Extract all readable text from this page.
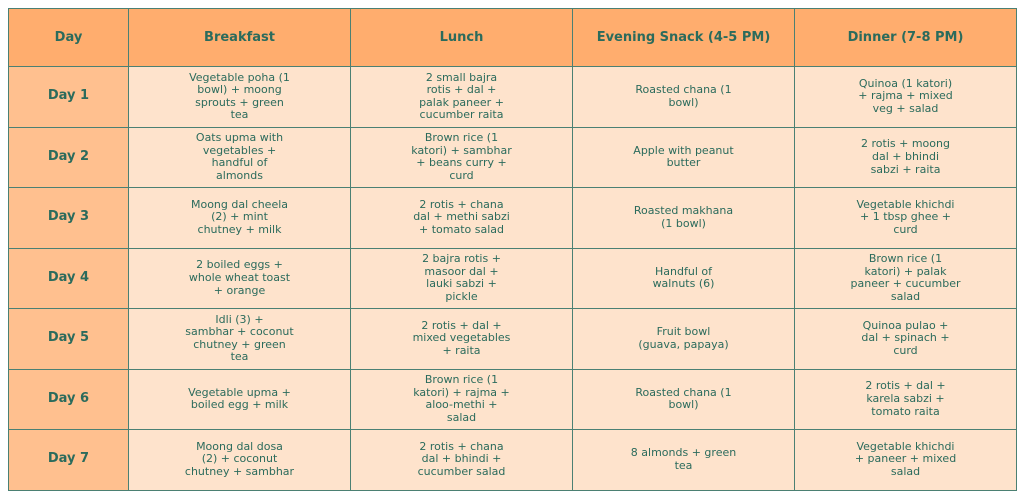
Day	Breakfast	Lunch	Evening Snack (4-5 PM)	Dinner (7-8 PM)
Day 1	Vegetable poha (1
bowl) + moong
sprouts + green
tea	2 small bajra
rotis + dal +
palak paneer +
cucumber raita	Roasted chana (1
bowl)	Quinoa (1 katori)
+ rajma + mixed
veg + salad
Day 2	Oats upma with
vegetables +
handful of
almonds	Brown rice (1
katori) + sambhar
+ beans curry +
curd	Apple with peanut
butter	2 rotis + moong
dal + bhindi
sabzi + raita
Day 3	Moong dal cheela
(2) + mint
chutney + milk	2 rotis + chana
dal + methi sabzi
+ tomato salad	Roasted makhana
(1 bowl)	Vegetable khichdi
+ 1 tbsp ghee +
curd
Day 4	2 boiled eggs +
whole wheat toast
+ orange	2 bajra rotis +
masoor dal +
lauki sabzi +
pickle	Handful of
walnuts (6)	Brown rice (1
katori) + palak
paneer + cucumber
salad
Day 5	Idli (3) +
sambhar + coconut
chutney + green
tea	2 rotis + dal +
mixed vegetables
+ raita	Fruit bowl
(guava, papaya)	Quinoa pulao +
dal + spinach +
curd
Day 6	Vegetable upma +
boiled egg + milk	Brown rice (1
katori) + rajma +
aloo-methi +
salad	Roasted chana (1
bowl)	2 rotis + dal +
karela sabzi +
tomato raita
Day 7	Moong dal dosa
(2) + coconut
chutney + sambhar	2 rotis + chana
dal + bhindi +
cucumber salad	8 almonds + green
tea	Vegetable khichdi
+ paneer + mixed
salad
